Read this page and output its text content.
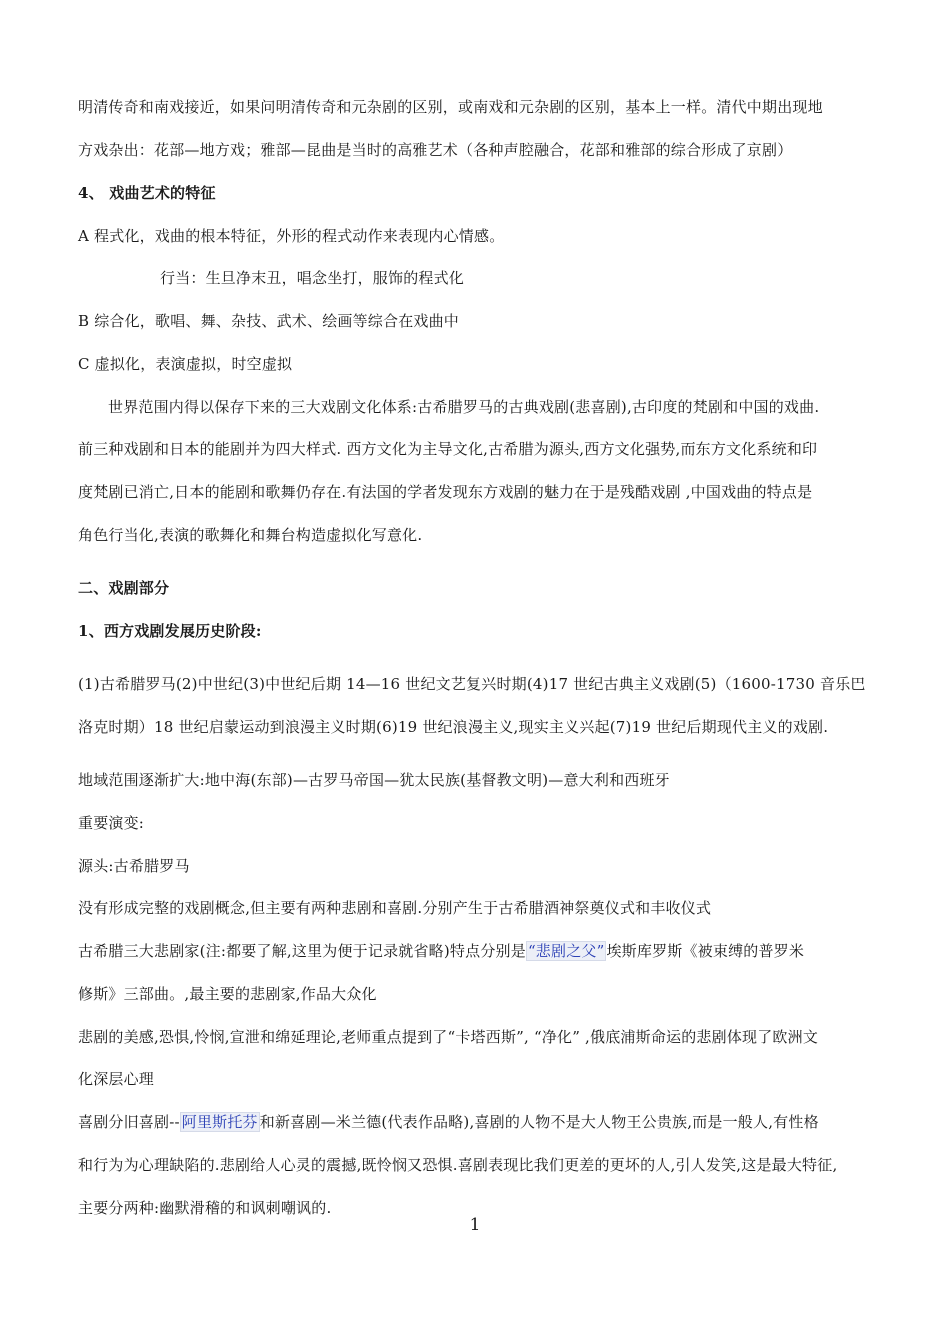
明清传奇和南戏接近，如果问明清传奇和元杂剧的区别，或南戏和元杂剧的区别，基本上一样。清代中期出现地
方戏杂出：花部—地方戏；雅部—昆曲是当时的高雅艺术（各种声腔融合，花部和雅部的综合形成了京剧）
4、 戏曲艺术的特征
A 程式化，戏曲的根本特征，外形的程式动作来表现内心情感。
行当：生旦净末丑，唱念坐打，服饰的程式化
B 综合化，歌唱、舞、杂技、武术、绘画等综合在戏曲中
C 虚拟化，表演虚拟，时空虚拟
世界范围内得以保存下来的三大戏剧文化体系:古希腊罗马的古典戏剧(悲喜剧),古印度的梵剧和中国的戏曲.
前三种戏剧和日本的能剧并为四大样式. 西方文化为主导文化,古希腊为源头,西方文化强势,而东方文化系统和印
度梵剧已消亡,日本的能剧和歌舞仍存在.有法国的学者发现东方戏剧的魅力在于是残酷戏剧 ,中国戏曲的特点是
角色行当化,表演的歌舞化和舞台构造虚拟化写意化.
二、戏剧部分
1、西方戏剧发展历史阶段:
(1)古希腊罗马(2)中世纪(3)中世纪后期 14—16 世纪文艺复兴时期(4)17 世纪古典主义戏剧(5)（1600-1730 音乐巴
洛克时期）18 世纪启蒙运动到浪漫主义时期(6)19 世纪浪漫主义,现实主义兴起(7)19 世纪后期现代主义的戏剧.
地域范围逐渐扩大:地中海(东部)—古罗马帝国—犹太民族(基督教文明)—意大利和西班牙
重要演变:
源头:古希腊罗马
没有形成完整的戏剧概念,但主要有两种悲剧和喜剧.分别产生于古希腊酒神祭奠仪式和丰收仪式
古希腊三大悲剧家(注:都要了解,这里为便于记录就省略)特点分别是 “悲剧之父” 埃斯库罗斯《被束缚的普罗米
修斯》三部曲。,最主要的悲剧家,作品大众化
悲剧的美感,恐惧,怜悯,宣泄和绵延理论,老师重点提到了“卡塔西斯”, “净化” ,俄底浦斯命运的悲剧体现了欧洲文
化深层心理
喜剧分旧喜剧-- 阿里斯托芬 和新喜剧—米兰德(代表作品略),喜剧的人物不是大人物王公贵族,而是一般人,有性格
和行为为心理缺陷的.悲剧给人心灵的震撼,既怜悯又恐惧.喜剧表现比我们更差的更坏的人,引人发笑,这是最大特征,
主要分两种:幽默滑稽的和讽刺嘲讽的.
1
